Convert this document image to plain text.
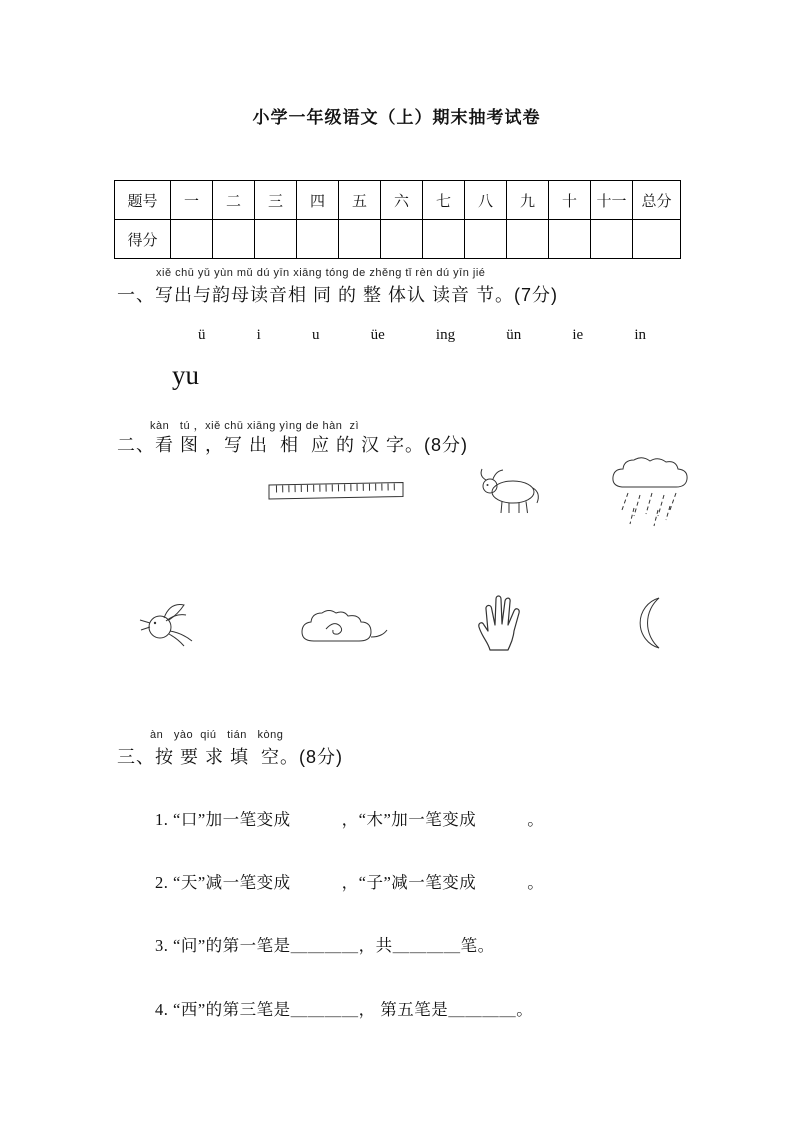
小学一年级语文（上）期末抽考试卷
题号	一	二	三	四	五	六	七	八	九	十	十一	总分
得分												
xiě chū yǔ yùn mǔ dú yīn xiāng tóng de zhěng tǐ rèn dú yīn jié
一、写出与韵母读音相 同 的 整 体认 读音 节。(7分)
ü	i	u	üe	ing	ün	ie	in
yu
kàn   tú ，xiě chū xiāng yìng de hàn  zì
二、看 图 ，写 出  相  应 的 汉 字。(8分)
àn   yào  qiú   tián   kòng
三、按 要 求 填  空。(8分)
1. “口”加一笔变成　　　，“木”加一笔变成　　　。
2. “天”减一笔变成　　　，“子”减一笔变成　　　。
3. “问”的第一笔是＿＿＿＿，共＿＿＿＿笔。
4. “西”的第三笔是＿＿＿＿， 第五笔是＿＿＿＿。
